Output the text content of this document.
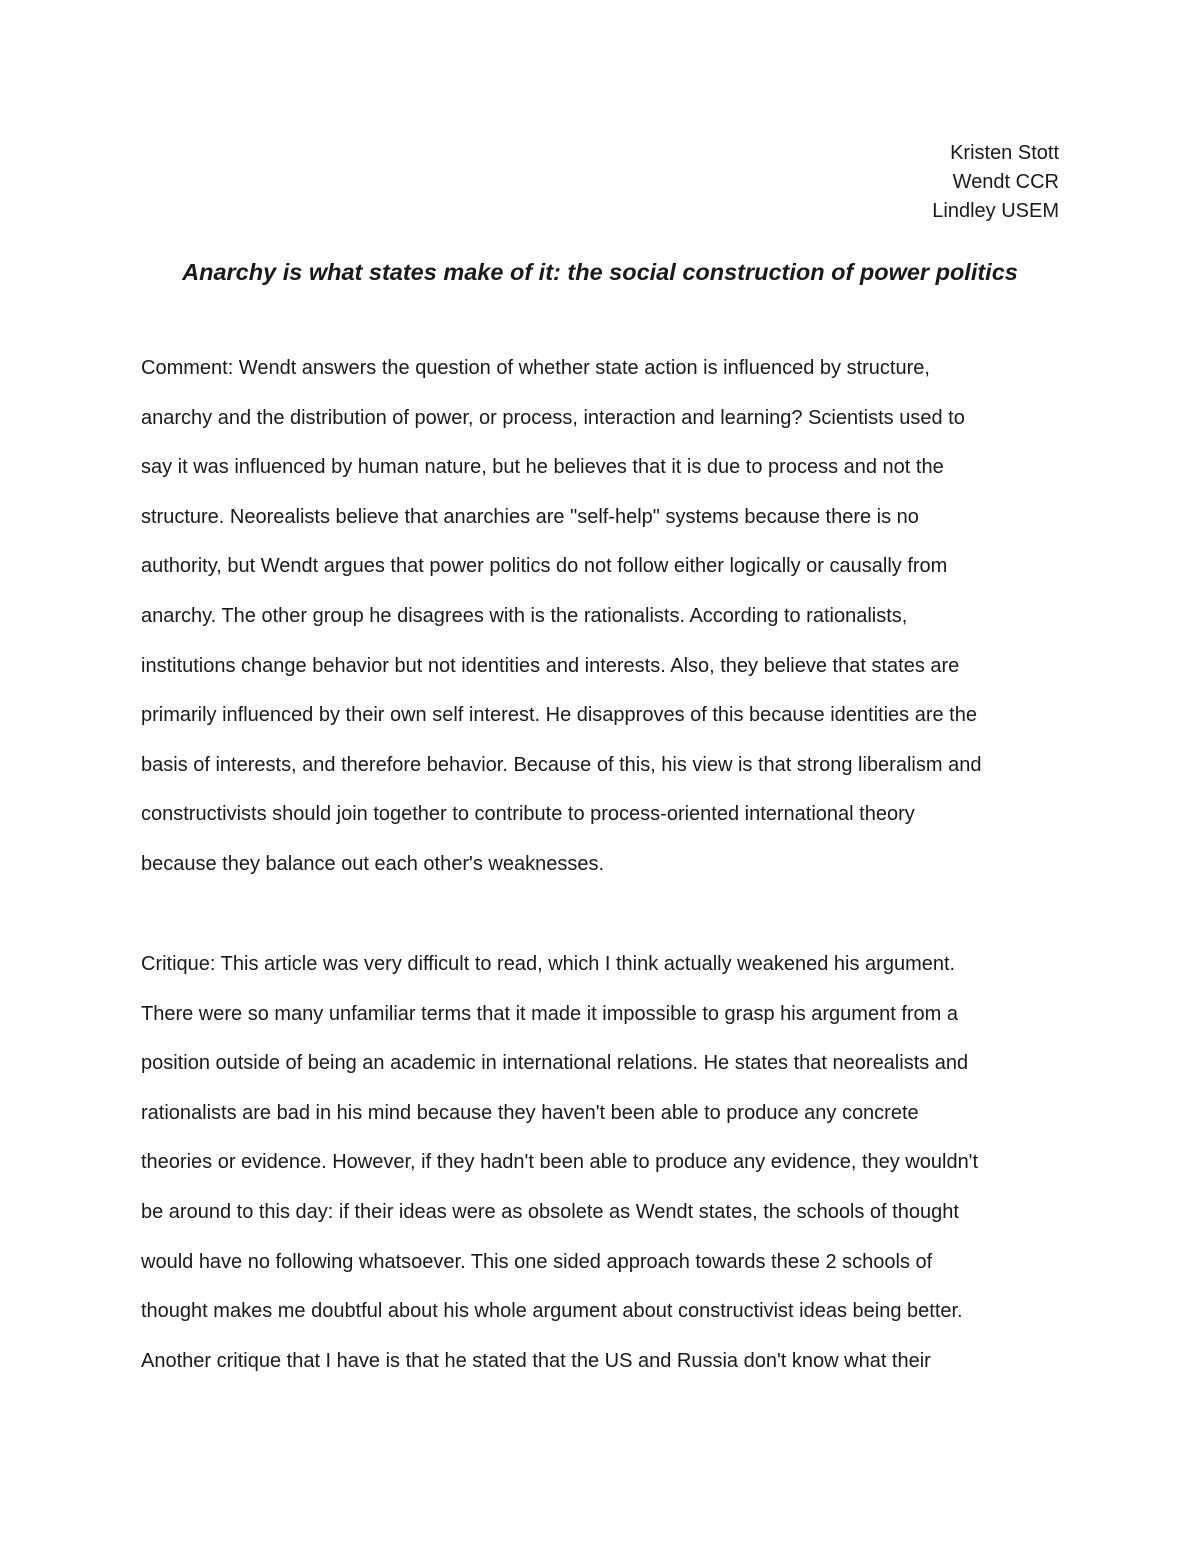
Kristen Stott
Wendt CCR
Lindley USEM
Anarchy is what states make of it: the social construction of power politics
Comment: Wendt answers the question of whether state action is influenced by structure,
anarchy and the distribution of power, or process, interaction and learning? Scientists used to
say it was influenced by human nature, but he believes that it is due to process and not the
structure. Neorealists believe that anarchies are "self-help" systems because there is no
authority, but Wendt argues that power politics do not follow either logically or causally from
anarchy. The other group he disagrees with is the rationalists. According to rationalists,
institutions change behavior but not identities and interests. Also, they believe that states are
primarily influenced by their own self interest. He disapproves of this because identities are the
basis of interests, and therefore behavior. Because of this, his view is that strong liberalism and
constructivists should join together to contribute to process-oriented international theory
because they balance out each other's weaknesses.
Critique: This article was very difficult to read, which I think actually weakened his argument.
There were so many unfamiliar terms that it made it impossible to grasp his argument from a
position outside of being an academic in international relations. He states that neorealists and
rationalists are bad in his mind because they haven't been able to produce any concrete
theories or evidence. However, if they hadn't been able to produce any evidence, they wouldn't
be around to this day: if their ideas were as obsolete as Wendt states, the schools of thought
would have no following whatsoever. This one sided approach towards these 2 schools of
thought makes me doubtful about his whole argument about constructivist ideas being better.
Another critique that I have is that he stated that the US and Russia don't know what their
